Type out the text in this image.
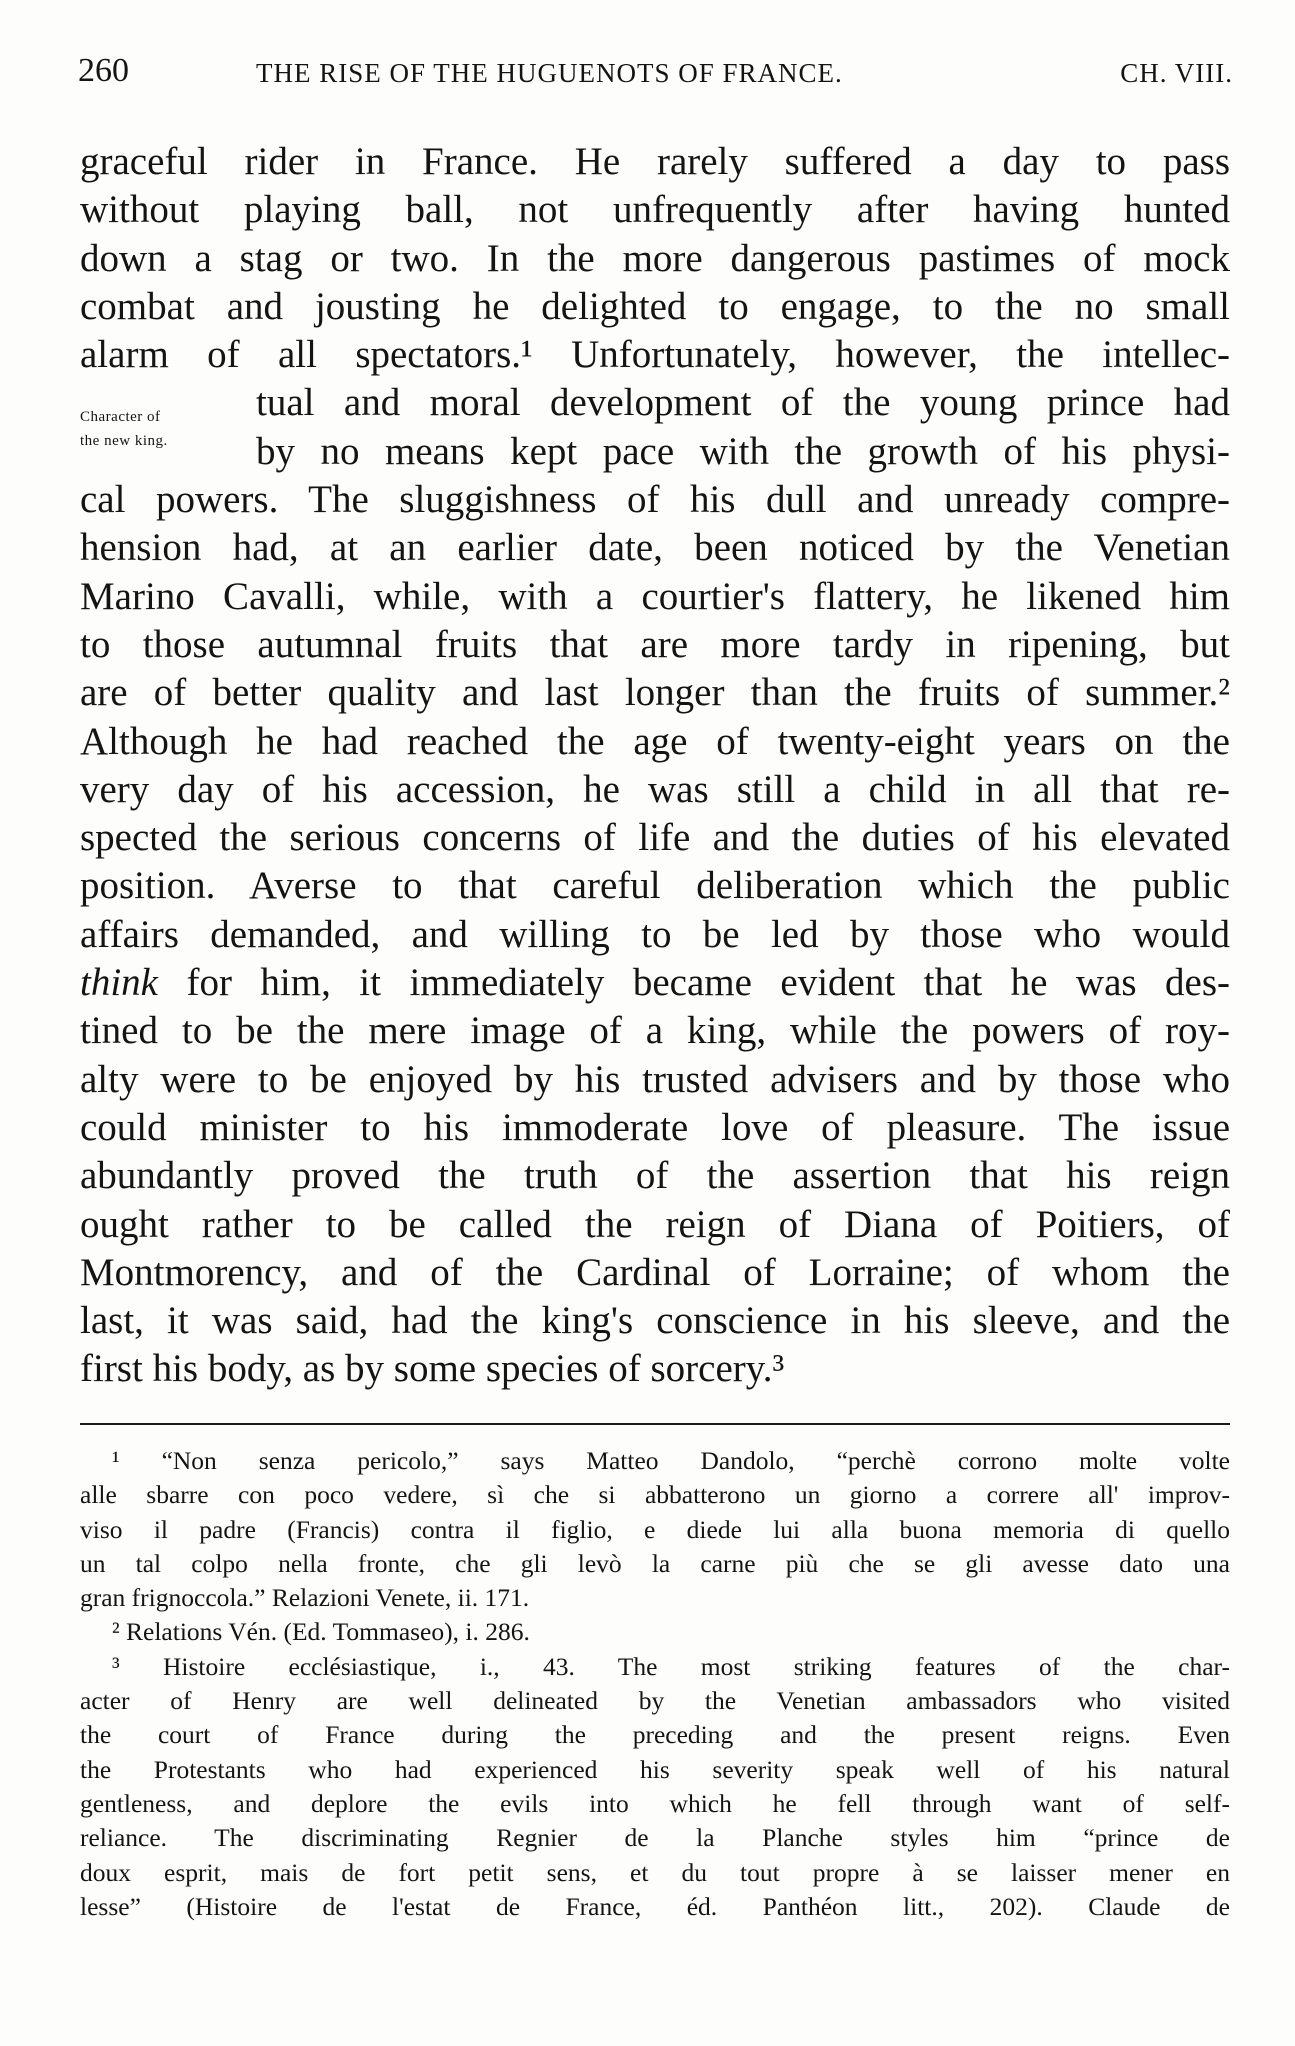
260	THE RISE OF THE HUGUENOTS OF FRANCE.	CH. VIII.
Character of
the new king.
graceful rider in France. He rarely suffered a day to pass
without playing ball, not unfrequently after having hunted
down a stag or two. In the more dangerous pastimes of mock
combat and jousting he delighted to engage, to the no small
alarm of all spectators.¹ Unfortunately, however, the intellec-
tual and moral development of the young prince had
by no means kept pace with the growth of his physi-
cal powers. The sluggishness of his dull and unready compre-
hension had, at an earlier date, been noticed by the Venetian
Marino Cavalli, while, with a courtier's flattery, he likened him
to those autumnal fruits that are more tardy in ripening, but
are of better quality and last longer than the fruits of summer.²
Although he had reached the age of twenty-eight years on the
very day of his accession, he was still a child in all that re-
spected the serious concerns of life and the duties of his elevated
position. Averse to that careful deliberation which the public
affairs demanded, and willing to be led by those who would
think for him, it immediately became evident that he was des-
tined to be the mere image of a king, while the powers of roy-
alty were to be enjoyed by his trusted advisers and by those who
could minister to his immoderate love of pleasure. The issue
abundantly proved the truth of the assertion that his reign
ought rather to be called the reign of Diana of Poitiers, of
Montmorency, and of the Cardinal of Lorraine; of whom the
last, it was said, had the king's conscience in his sleeve, and the
first his body, as by some species of sorcery.³
¹ “Non senza pericolo,” says Matteo Dandolo, “perchè corrono molte volte
alle sbarre con poco vedere, sì che si abbatterono un giorno a correre all' improv-
viso il padre (Francis) contra il figlio, e diede lui alla buona memoria di quello
un tal colpo nella fronte, che gli levò la carne più che se gli avesse dato una
gran frignoccola.” Relazioni Venete, ii. 171.
² Relations Vén. (Ed. Tommaseo), i. 286.
³ Histoire ecclésiastique, i., 43. The most striking features of the char-
acter of Henry are well delineated by the Venetian ambassadors who visited
the court of France during the preceding and the present reigns. Even
the Protestants who had experienced his severity speak well of his natural
gentleness, and deplore the evils into which he fell through want of self-
reliance. The discriminating Regnier de la Planche styles him “prince de
doux esprit, mais de fort petit sens, et du tout propre à se laisser mener en
lesse” (Histoire de l'estat de France, éd. Panthéon litt., 202). Claude de
